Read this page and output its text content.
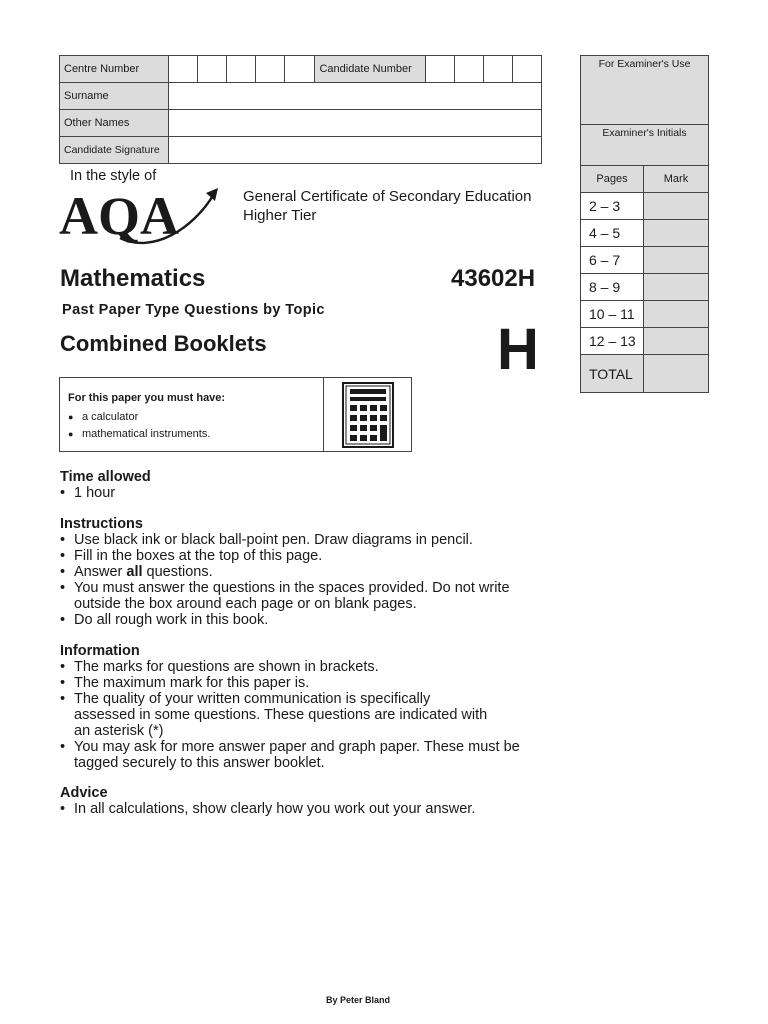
Centre Number						Candidate Number				
Surname										
Other Names										
Candidate Signature										
For Examiner's Use	
Examiner's Initials	
Pages	Mark
2 – 3	
4 – 5	
6 – 7	
8 – 9	
10 – 11	
12 – 13	
TOTAL	
In the style of
AQA	General Certificate of Secondary Education
Higher Tier
Mathematics	43602H
Past Paper Type Questions by Topic
Combined Booklets	H
For this paper you must have:
● a calculator
● mathematical instruments.
Time allowed
• 1 hour
Instructions
• Use black ink or black ball-point pen. Draw diagrams in pencil.
• Fill in the boxes at the top of this page.
• Answer all questions.
• You must answer the questions in the spaces provided. Do not write outside the box around each page or on blank pages.
• Do all rough work in this book.
Information
• The marks for questions are shown in brackets.
• The maximum mark for this paper is.
• The quality of your written communication is specifically assessed in some questions. These questions are indicated with an asterisk (*)
• You may ask for more answer paper and graph paper. These must be tagged securely to this answer booklet.
Advice
• In all calculations, show clearly how you work out your answer.
By Peter Bland
